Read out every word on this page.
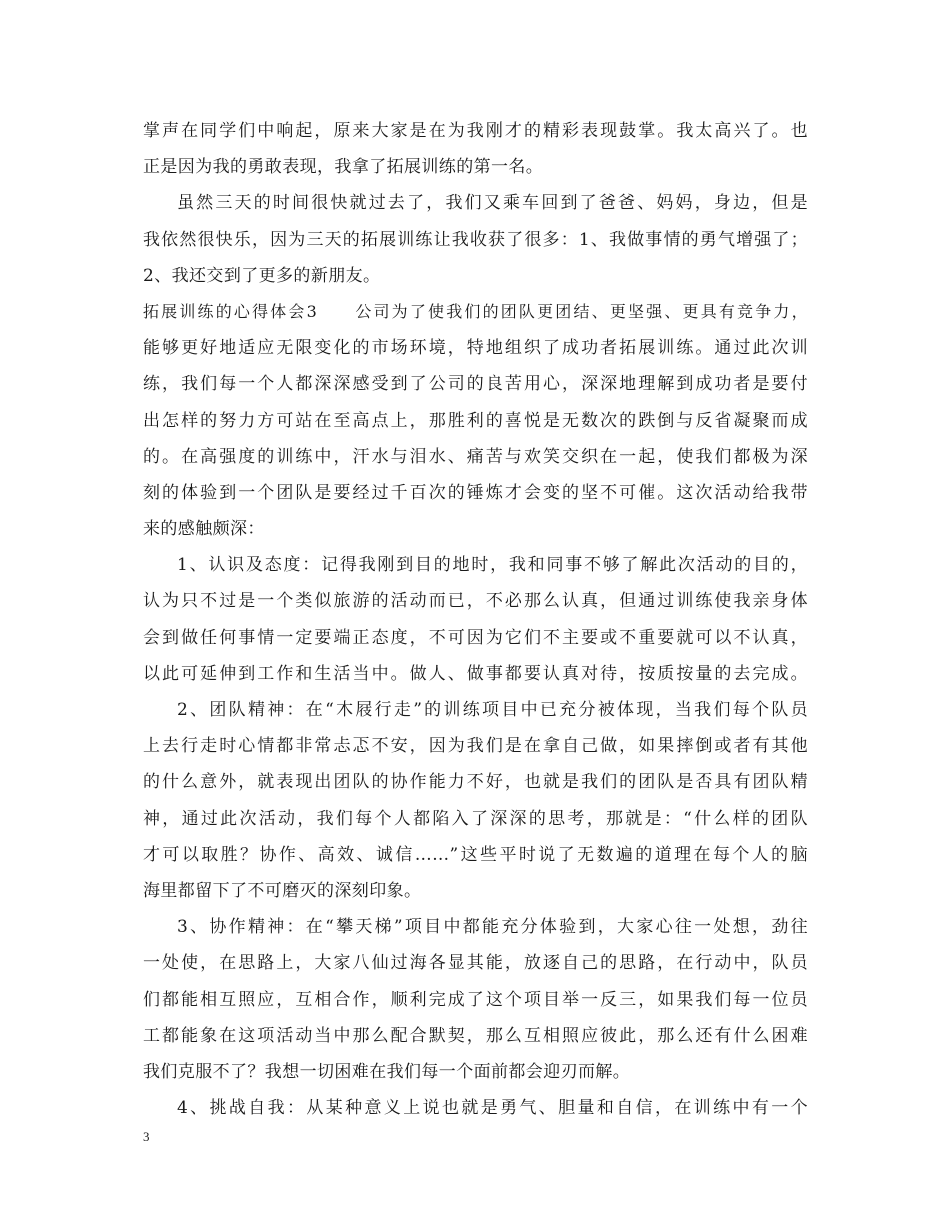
掌声在同学们中响起，原来大家是在为我刚才的精彩表现鼓掌。我太高兴了。也
正是因为我的勇敢表现，我拿了拓展训练的第一名。
虽然三天的时间很快就过去了，我们又乘车回到了爸爸、妈妈，身边，但是
我依然很快乐，因为三天的拓展训练让我收获了很多：1、我做事情的勇气增强了；
2、我还交到了更多的新朋友。
拓展训练的心得体会3　　公司为了使我们的团队更团结、更坚强、更具有竞争力，
能够更好地适应无限变化的市场环境，特地组织了成功者拓展训练。通过此次训
练，我们每一个人都深深感受到了公司的良苦用心，深深地理解到成功者是要付
出怎样的努力方可站在至高点上，那胜利的喜悦是无数次的跌倒与反省凝聚而成
的。在高强度的训练中，汗水与泪水、痛苦与欢笑交织在一起，使我们都极为深
刻的体验到一个团队是要经过千百次的锤炼才会变的坚不可催。这次活动给我带
来的感触颇深：
1、认识及态度：记得我刚到目的地时，我和同事不够了解此次活动的目的，
认为只不过是一个类似旅游的活动而已，不必那么认真，但通过训练使我亲身体
会到做任何事情一定要端正态度，不可因为它们不主要或不重要就可以不认真，
以此可延伸到工作和生活当中。做人、做事都要认真对待，按质按量的去完成。
2、团队精神：在“木屐行走”的训练项目中已充分被体现，当我们每个队员
上去行走时心情都非常忐忑不安，因为我们是在拿自己做，如果摔倒或者有其他
的什么意外，就表现出团队的协作能力不好，也就是我们的团队是否具有团队精
神，通过此次活动，我们每个人都陷入了深深的思考，那就是：“什么样的团队
才可以取胜？协作、高效、诚信……”这些平时说了无数遍的道理在每个人的脑
海里都留下了不可磨灭的深刻印象。
3、协作精神：在“攀天梯”项目中都能充分体验到，大家心往一处想，劲往
一处使，在思路上，大家八仙过海各显其能，放逐自己的思路，在行动中，队员
们都能相互照应，互相合作，顺利完成了这个项目举一反三，如果我们每一位员
工都能象在这项活动当中那么配合默契，那么互相照应彼此，那么还有什么困难
我们克服不了？我想一切困难在我们每一个面前都会迎刃而解。
4、挑战自我：从某种意义上说也就是勇气、胆量和自信，在训练中有一个
3
